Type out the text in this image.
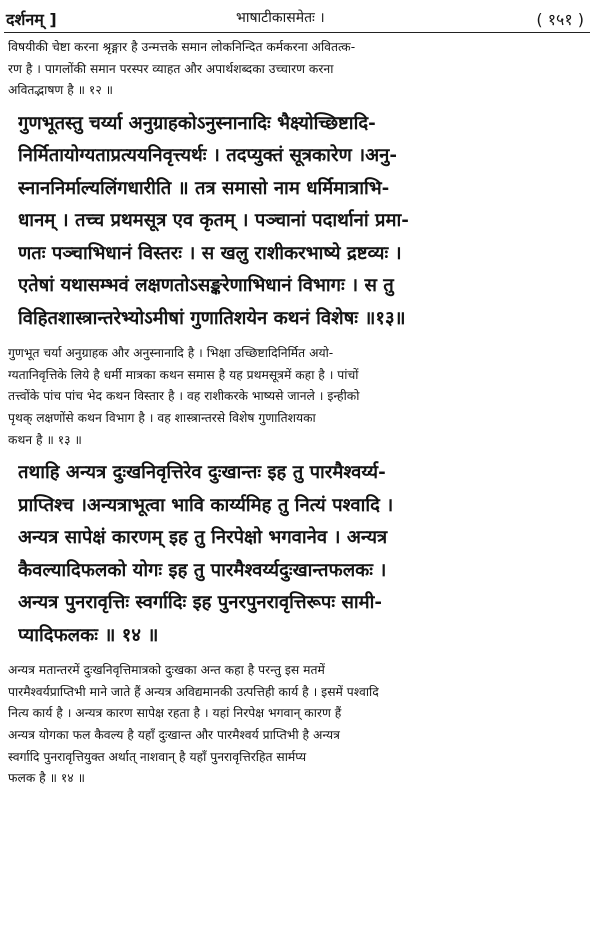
दर्शनम् ]	भाषाटीकासमेतः ।	( १५१ )
विषयीकी चेष्टा करना श्रृङ्गार है उन्मत्तके समान लोकनिन्दित कर्मकरना अवितत्क-
रण है । पागलोंकी समान परस्पर व्याहत और अपार्थशब्दका उच्चारण करना
अवितद्भाषण है ॥ १२ ॥
गुणभूतस्तु चर्य्या अनुग्राहकोऽनुस्नानादिः भैक्ष्योच्छिष्टादि-
निर्मितायोग्यताप्रत्ययनिवृत्त्यर्थः । तदप्युक्तं सूत्रकारेण ।अनु-
स्नाननिर्माल्यलिंगधारीति ॥ तत्र समासो नाम धर्मिमात्राभि-
धानम् । तच्च प्रथमसूत्र एव कृतम् । पञ्चानां पदार्थानां प्रमा-
णतः पञ्चाभिधानं विस्तरः । स खलु राशीकरभाष्ये द्रष्टव्यः ।
एतेषां यथासम्भवं लक्षणतोऽसङ्करेणाभिधानं विभागः । स तु
विहितशास्त्रान्तरेभ्योऽमीषां गुणातिशयेन कथनं विशेषः ॥१३॥
गुणभूत चर्या अनुग्राहक और अनुस्नानादि है । भिक्षा उच्छिष्टादिनिर्मित अयो-
ग्यतानिवृत्तिके लिये है धर्मी मात्रका कथन समास है यह प्रथमसूत्रमें कहा है । पांचों
तत्त्वोंके पांच पांच भेद कथन विस्तार है । वह राशीकरके भाष्यसे जानले । इन्हीको
पृथक् लक्षणोंसे कथन विभाग है । वह शास्त्रान्तरसे विशेष गुणातिशयका
कथन है ॥ १३ ॥
तथाहि अन्यत्र दुःखनिवृत्तिरेव दुःखान्तः इह तु पारमैश्वर्य्य-
प्राप्तिश्च ।अन्यत्राभूत्वा भावि कार्य्यमिह तु नित्यं पश्वादि ।
अन्यत्र सापेक्षं कारणम् इह तु निरपेक्षो भगवानेव । अन्यत्र
कैवल्यादिफलको योगः इह तु पारमैश्वर्य्यदुःखान्तफलकः ।
अन्यत्र पुनरावृत्तिः स्वर्गादिः इह पुनरपुनरावृत्तिरूपः सामी-
प्यादिफलकः ॥ १४ ॥
अन्यत्र मतान्तरमें दुःखनिवृत्तिमात्रको दुःखका अन्त कहा है परन्तु इस मतमें
पारमैश्वर्यप्राप्तिभी माने जाते हैं अन्यत्र अविद्यमानकी उत्पत्तिही कार्य है । इसमें पश्वादि
नित्य कार्य है । अन्यत्र कारण सापेक्ष रहता है । यहां निरपेक्ष भगवान् कारण हैं
अन्यत्र योगका फल कैवल्य है यहाँ दुःखान्त और पारमैश्वर्य प्राप्तिभी है अन्यत्र
स्वर्गादि पुनरावृत्तियुक्त अर्थात् नाशवान् है यहाँ पुनरावृत्तिरहित सार्मप्य
फलक है ॥ १४ ॥
